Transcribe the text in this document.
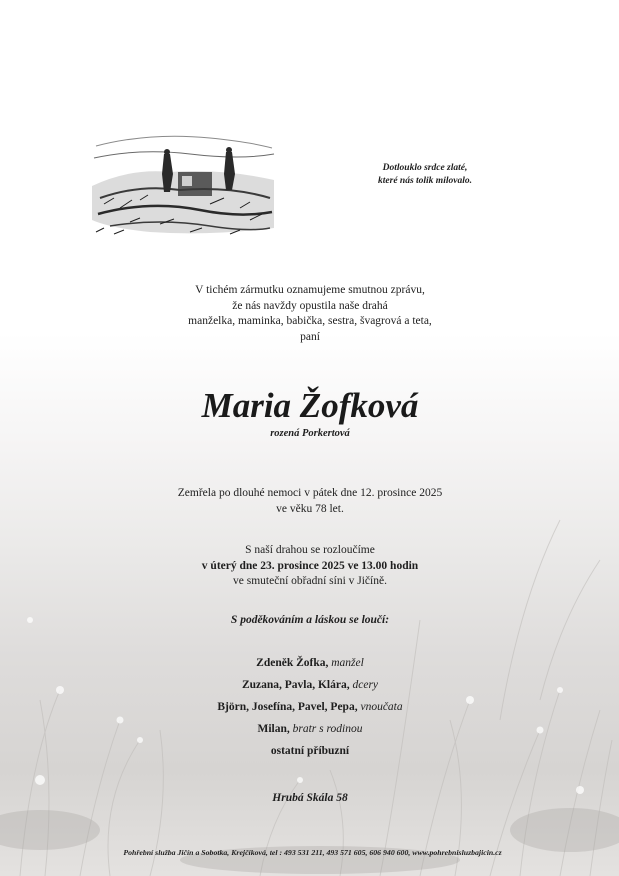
Dotlouklo srdce zlaté,
které nás tolik milovalo.
V tichém zármutku oznamujeme smutnou zprávu,
že nás navždy opustila naše drahá
manželka, maminka, babička, sestra, švagrová a teta,
paní
Maria Žofková
rozená Porkertová
Zemřela po dlouhé nemoci v pátek dne 12. prosince 2025
ve věku 78 let.
S naší drahou se rozloučíme
v úterý dne 23. prosince 2025 ve 13.00 hodin
ve smuteční obřadní síni v Jičíně.
S poděkováním a láskou se loučí:
Zdeněk Žofka, manžel
Zuzana, Pavla, Klára, dcery
Björn, Josefína, Pavel, Pepa, vnoučata
Milan, bratr s rodinou
ostatní příbuzní
Hrubá Skála 58
Pohřební služba Jičín a Sobotka, Krejčíková, tel : 493 531 211, 493 571 605, 606 940 600, www.pohrebnisluzbajicin.cz
